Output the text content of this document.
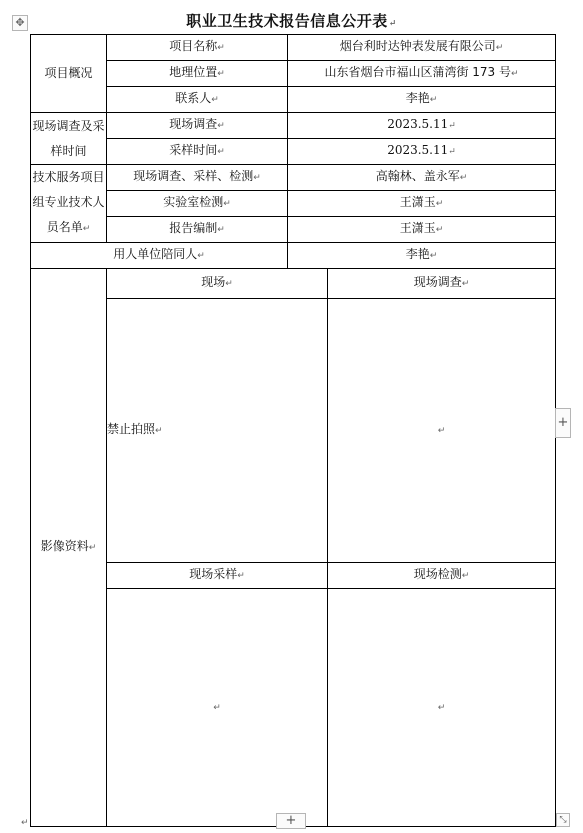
职业卫生技术报告信息公开表↵
✥
项目概况	项目名称↵	烟台利时达钟表发展有限公司↵	
	地理位置↵	山东省烟台市福山区蒲湾街 173 号↵	
	联系人↵	李艳↵	
现场调查及采样时间	现场调查↵	2023.5.11↵	
	采样时间↵	2023.5.11↵	
技术服务项目组专业技术人员名单↵	现场调查、采样、检测↵	高翰林、盖永军↵	
	实验室检测↵	王潇玉↵	
	报告编制↵	王潇玉↵	
用人单位陪同人↵		李艳↵	
影像资料↵	现场↵		现场调查↵
	禁止拍照↵		↵
	现场采样↵		现场检测↵
	↵		↵
+
+	⤡
↵
